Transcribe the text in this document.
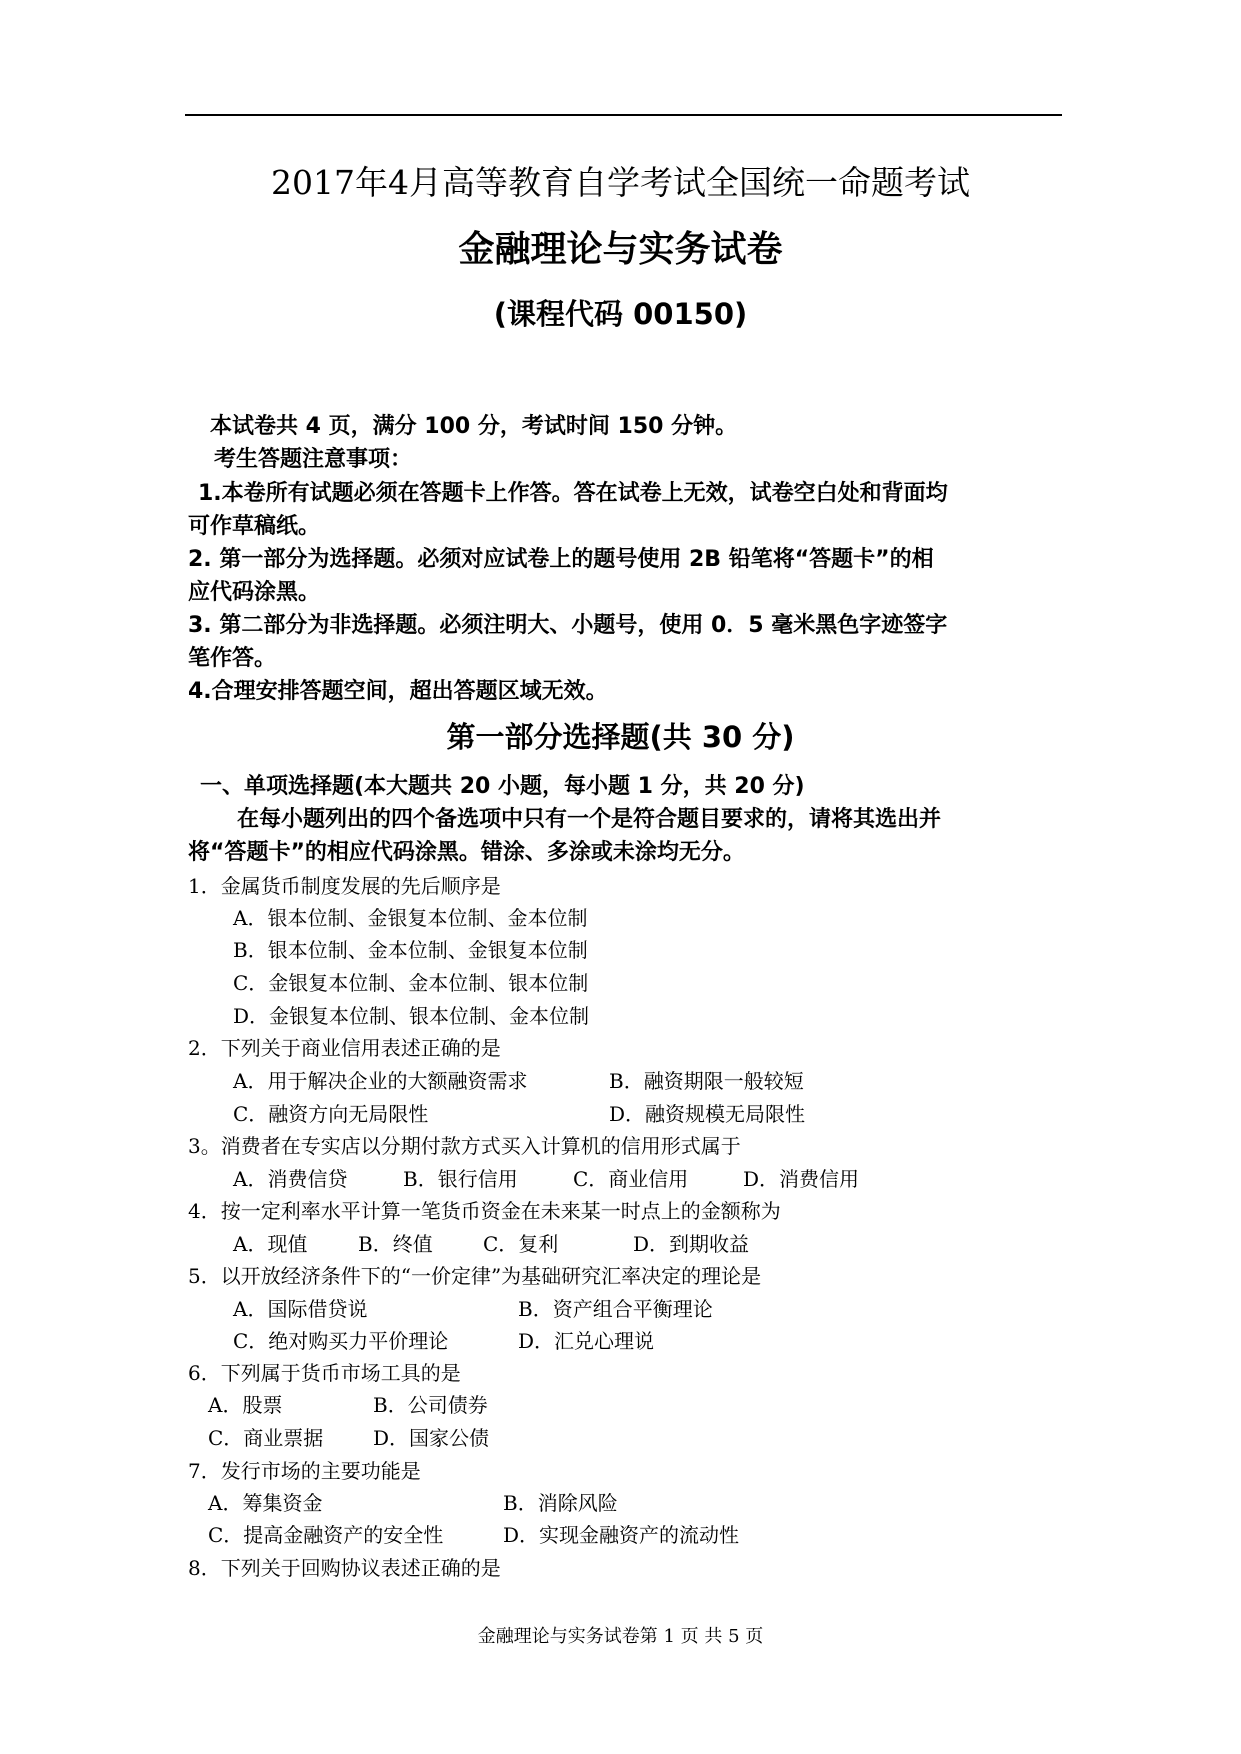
2017年4月高等教育自学考试全国统一命题考试
金融理论与实务试卷
(课程代码 00150)
本试卷共 4 页，满分 100 分，考试时间 150 分钟。
考生答题注意事项：
1.本卷所有试题必须在答题卡上作答。答在试卷上无效，试卷空白处和背面均
可作草稿纸。
2. 第一部分为选择题。必须对应试卷上的题号使用 2B 铅笔将“答题卡”的相
应代码涂黑。
3. 第二部分为非选择题。必须注明大、小题号，使用 0．5 毫米黑色字迹签字
笔作答。
4.合理安排答题空间，超出答题区域无效。
第一部分选择题(共 30 分)
一、单项选择题(本大题共 20 小题，每小题 1 分，共 20 分)
在每小题列出的四个备选项中只有一个是符合题目要求的，请将其选出并
将“答题卡”的相应代码涂黑。错涂、多涂或未涂均无分。
1．金属货币制度发展的先后顺序是
A．银本位制、金银复本位制、金本位制
B．银本位制、金本位制、金银复本位制
C．金银复本位制、金本位制、银本位制
D．金银复本位制、银本位制、金本位制
2．下列关于商业信用表述正确的是
A．用于解决企业的大额融资需求	B．融资期限一般较短
C．融资方向无局限性	D．融资规模无局限性
3。消费者在专实店以分期付款方式买入计算机的信用形式属于
A．消费信贷	B．银行信用	C．商业信用	D．消费信用
4．按一定利率水平计算一笔货币资金在未来某一时点上的金额称为
A．现值	B．终值	C．复利	D．到期收益
5．以开放经济条件下的“一价定律”为基础研究汇率决定的理论是
A．国际借贷说	B．资产组合平衡理论
C．绝对购买力平价理论	D．汇兑心理说
6．下列属于货币市场工具的是
A．股票	B．公司债券
C．商业票据 D．国家公债
7．发行市场的主要功能是
A．筹集资金	B．消除风险
C．提高金融资产的安全性	D．实现金融资产的流动性
8．下列关于回购协议表述正确的是
金融理论与实务试卷第 1 页 共 5 页
